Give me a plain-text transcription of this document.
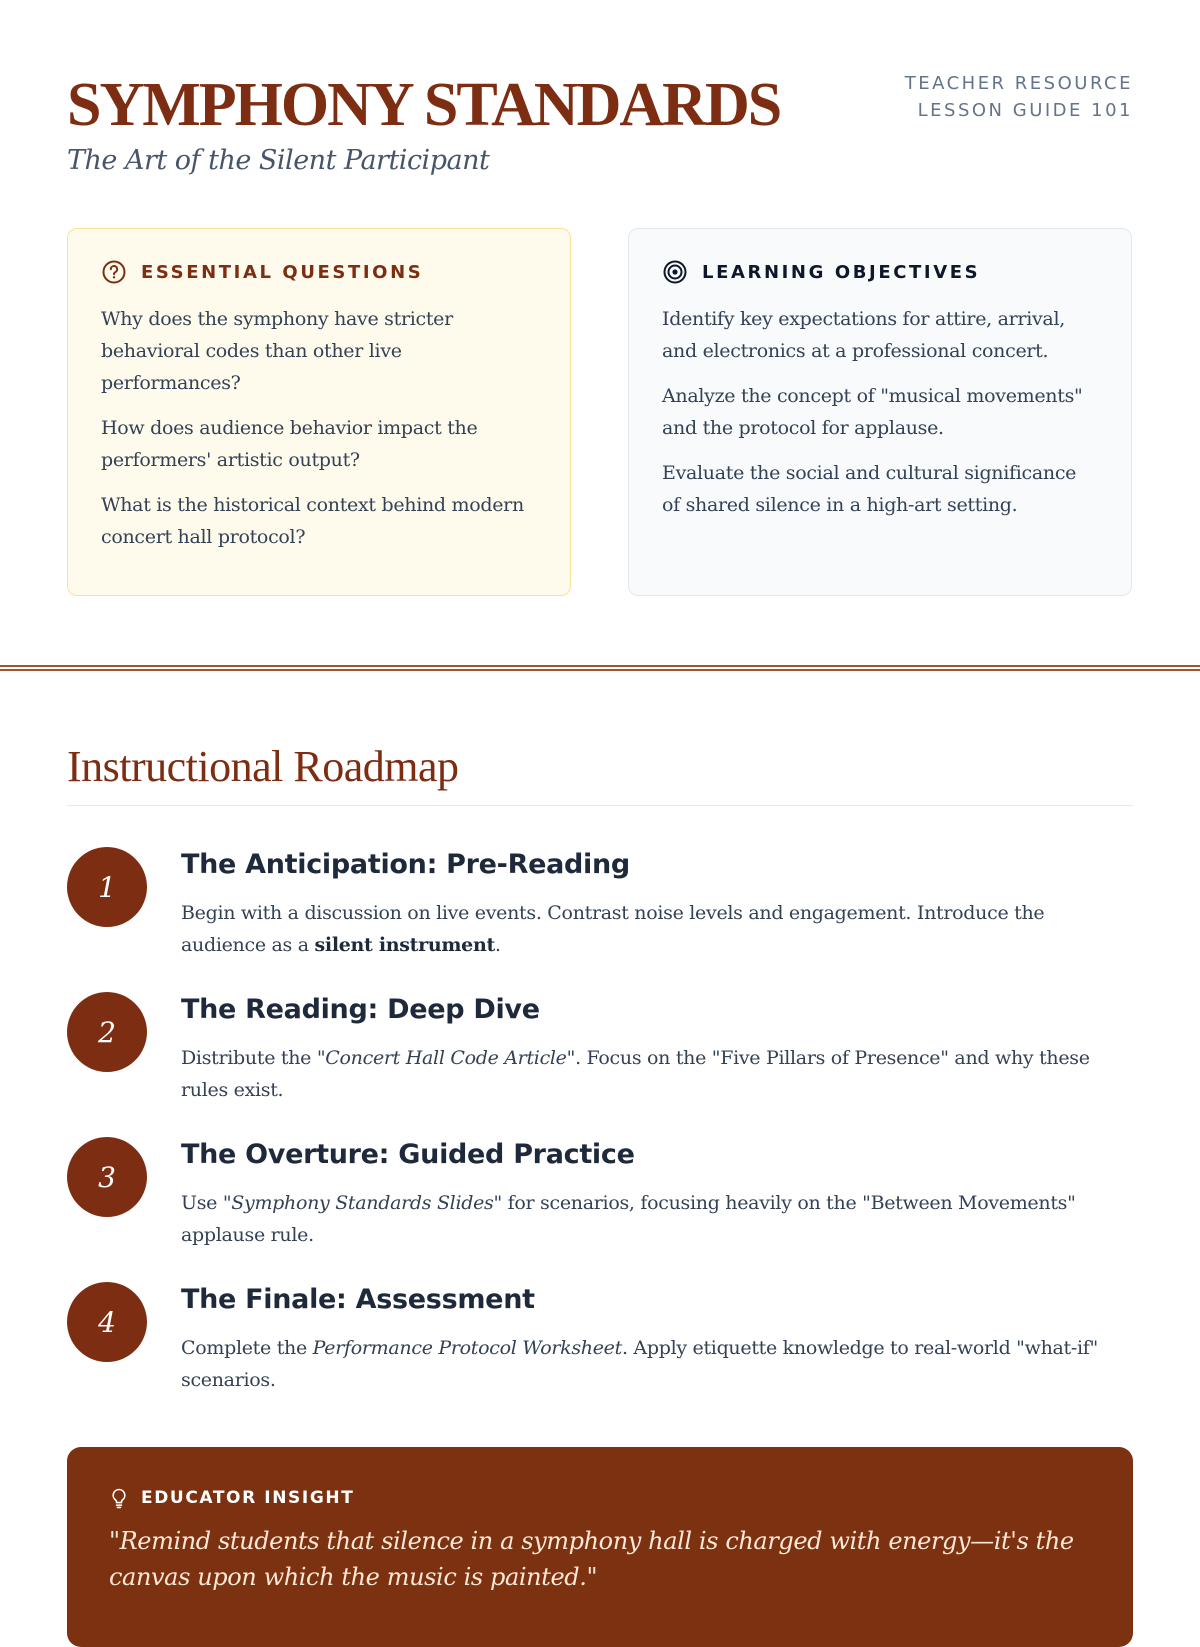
SYMPHONY STANDARDS

The Art of the Silent Participant

TEACHER RESOURCE
LESSON GUIDE 101
ESSENTIAL QUESTIONS

Why does the symphony have stricter behavioral codes than other live performances?

How does audience behavior impact the performers' artistic output?

What is the historical context behind modern concert hall protocol?

LEARNING OBJECTIVES

Identify key expectations for attire, arrival, and electronics at a professional concert.

Analyze the concept of "musical movements" and the protocol for applause.

Evaluate the social and cultural significance of shared silence in a high-art setting.

Instructional Roadmap
1
The Anticipation: Pre-Reading

Begin with a discussion on live events. Contrast noise levels and engagement. Introduce the audience as a silent instrument.

2
The Reading: Deep Dive

Distribute the "Concert Hall Code Article". Focus on the "Five Pillars of Presence" and why these rules exist.

3
The Overture: Guided Practice

Use "Symphony Standards Slides" for scenarios, focusing heavily on the "Between Movements" applause rule.

4
The Finale: Assessment

Complete the Performance Protocol Worksheet. Apply etiquette knowledge to real-world "what-if" scenarios.

EDUCATOR INSIGHT

"Remind students that silence in a symphony hall is charged with energy—it's the canvas upon which the music is painted."
